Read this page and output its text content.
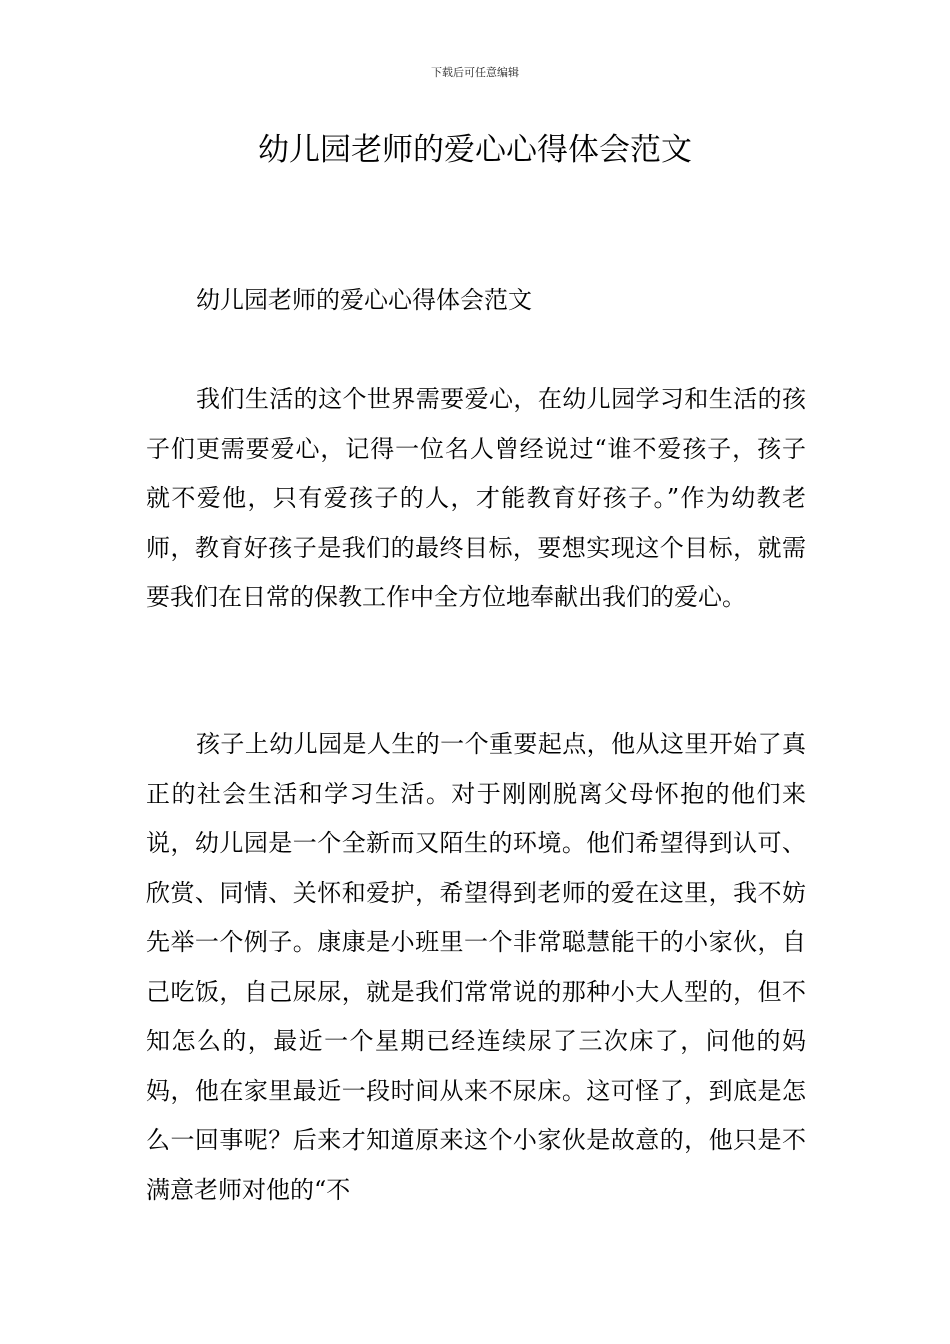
下载后可任意编辑
幼儿园老师的爱心心得体会范文

幼儿园老师的爱心心得体会范文

我们生活的这个世界需要爱心，在幼儿园学习和生活的孩子们更需要爱心，记得一位名人曾经说过“谁不爱孩子，孩子就不爱他，只有爱孩子的人，才能教育好孩子。”作为幼教老师，教育好孩子是我们的最终目标，要想实现这个目标，就需要我们在日常的保教工作中全方位地奉献出我们的爱心。

孩子上幼儿园是人生的一个重要起点，他从这里开始了真正的社会生活和学习生活。对于刚刚脱离父母怀抱的他们来说，幼儿园是一个全新而又陌生的环境。他们希望得到认可、欣赏、同情、关怀和爱护，希望得到老师的爱在这里，我不妨先举一个例子。康康是小班里一个非常聪慧能干的小家伙，自己吃饭，自己尿尿，就是我们常常说的那种小大人型的，但不知怎么的，最近一个星期已经连续尿了三次床了，问他的妈妈，他在家里最近一段时间从来不尿床。这可怪了，到底是怎么一回事呢？后来才知道原来这个小家伙是故意的，他只是不满意老师对他的“不
